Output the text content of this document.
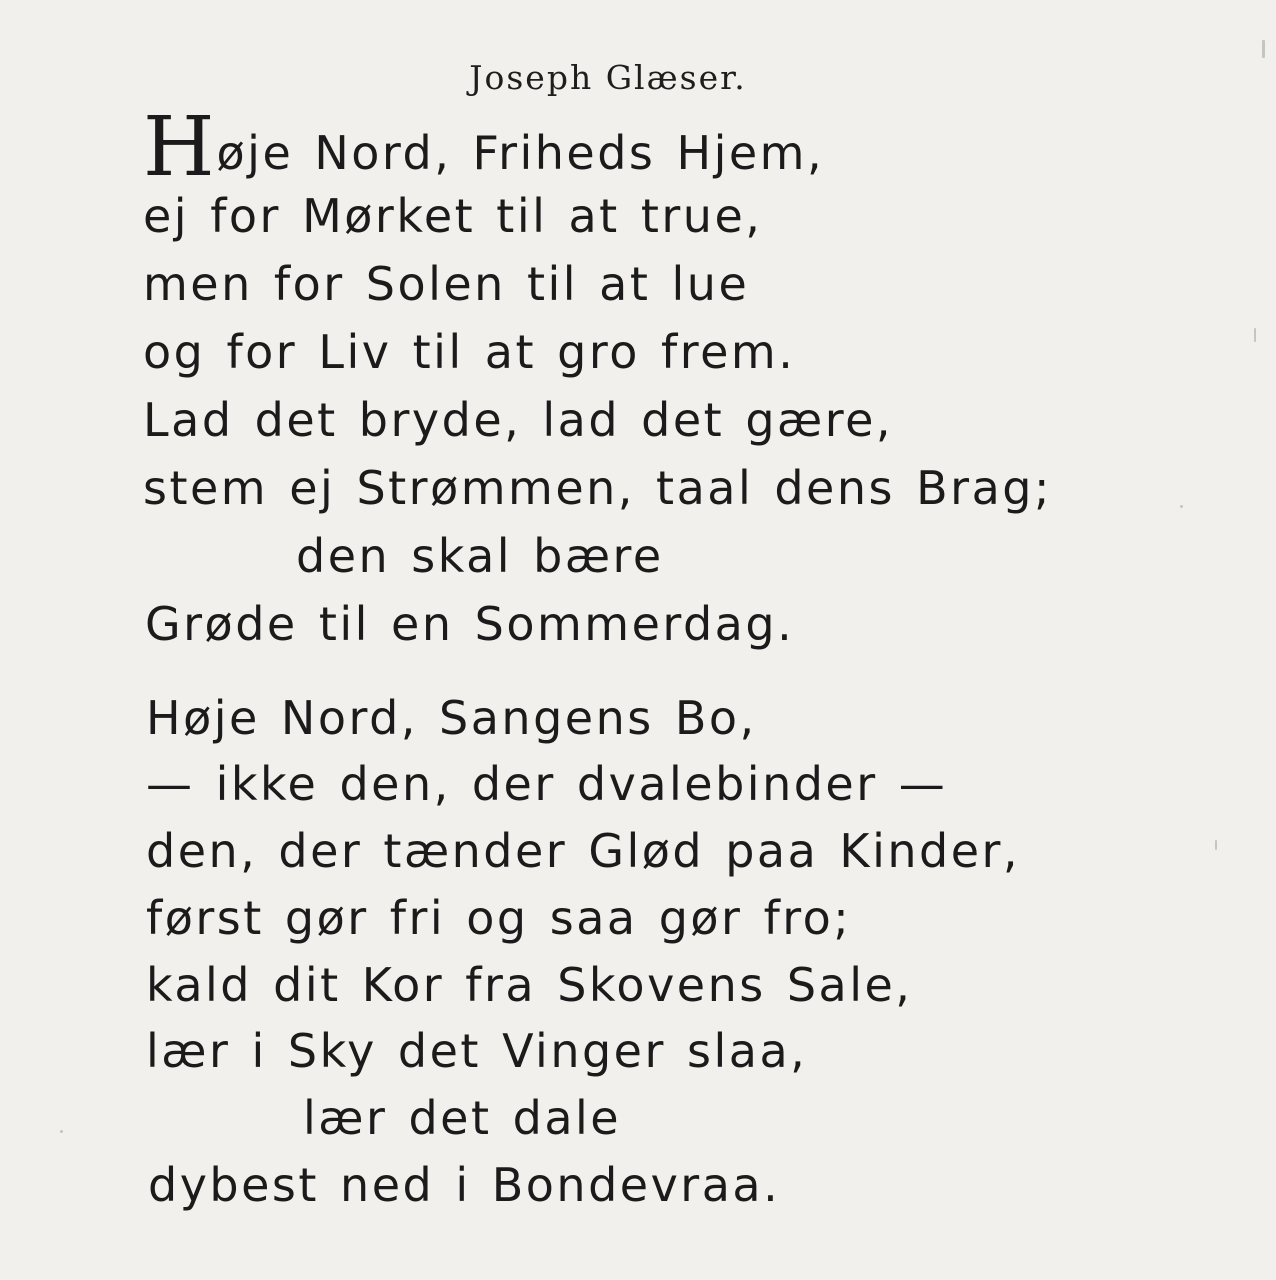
Joseph Glæser.
Høje Nord, Friheds Hjem,
ej for Mørket til at true,
men for Solen til at lue
og for Liv til at gro frem.
Lad det bryde, lad det gære,
stem ej Strømmen, taal dens Brag;
den skal bære
Grøde til en Sommerdag.
Høje Nord, Sangens Bo,
— ikke den, der dvalebinder —
den, der tænder Glød paa Kinder,
først gør fri og saa gør fro;
kald dit Kor fra Skovens Sale,
lær i Sky det Vinger slaa,
lær det dale
dybest ned i Bondevraa.
